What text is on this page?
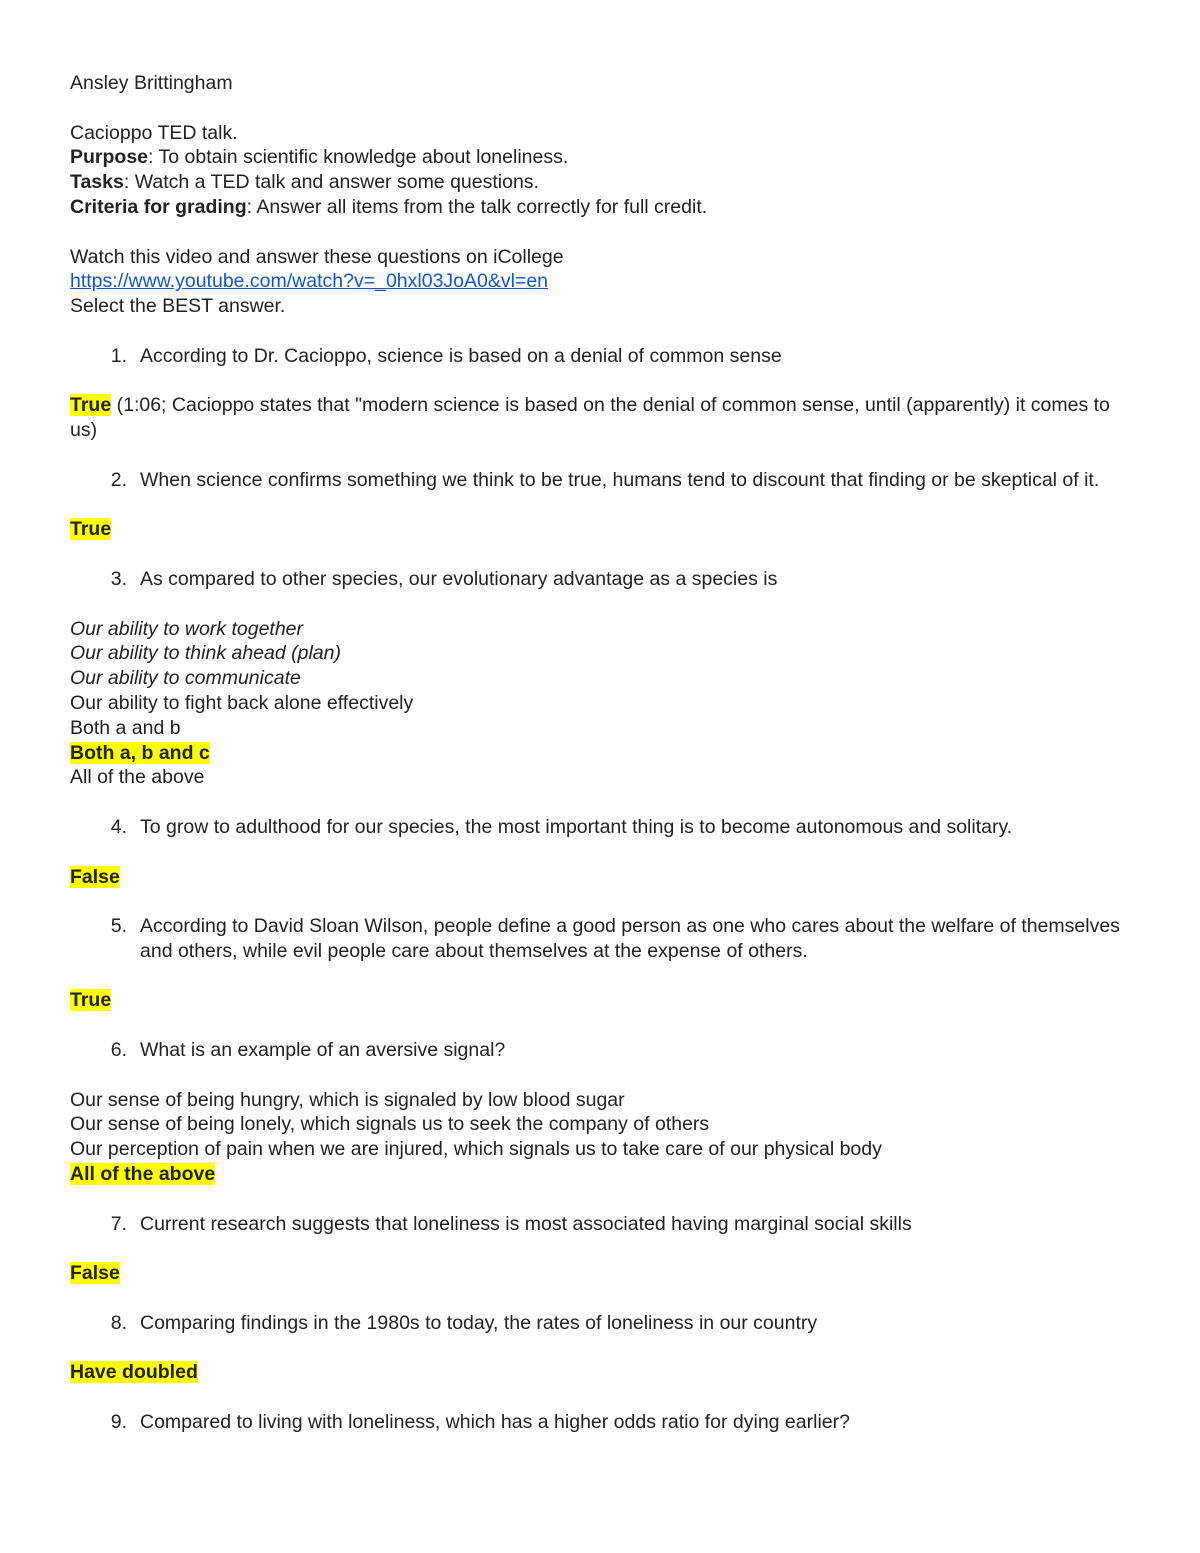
Ansley Brittingham
Cacioppo TED talk.
Purpose: To obtain scientific knowledge about loneliness.
Tasks: Watch a TED talk and answer some questions.
Criteria for grading: Answer all items from the talk correctly for full credit.
Watch this video and answer these questions on iCollege
https://www.youtube.com/watch?v=_0hxl03JoA0&vl=en
Select the BEST answer.
1. According to Dr. Cacioppo, science is based on a denial of common sense
True (1:06; Cacioppo states that "modern science is based on the denial of common sense, until (apparently) it comes to us)
2. When science confirms something we think to be true, humans tend to discount that finding or be skeptical of it.
True
3. As compared to other species, our evolutionary advantage as a species is
Our ability to work together
Our ability to think ahead (plan)
Our ability to communicate
Our ability to fight back alone effectively
Both a and b
Both a, b and c
All of the above
4. To grow to adulthood for our species, the most important thing is to become autonomous and solitary.
False
5. According to David Sloan Wilson, people define a good person as one who cares about the welfare of themselves and others, while evil people care about themselves at the expense of others.
True
6. What is an example of an aversive signal?
Our sense of being hungry, which is signaled by low blood sugar
Our sense of being lonely, which signals us to seek the company of others
Our perception of pain when we are injured, which signals us to take care of our physical body
All of the above
7. Current research suggests that loneliness is most associated having marginal social skills
False
8. Comparing findings in the 1980s to today, the rates of loneliness in our country
Have doubled
9. Compared to living with loneliness, which has a higher odds ratio for dying earlier?
